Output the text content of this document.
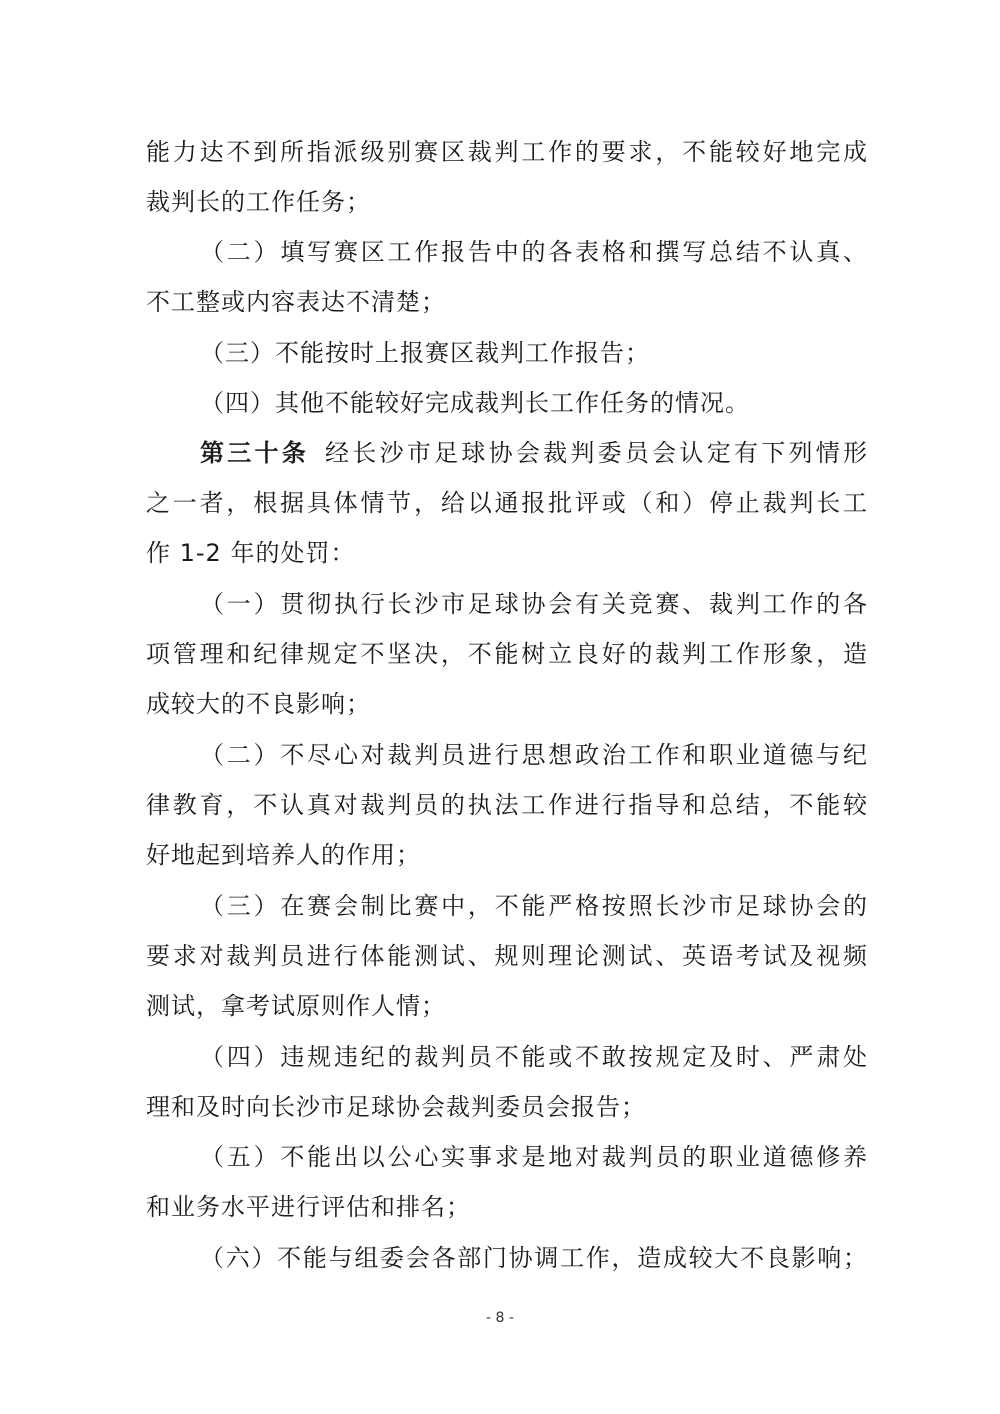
能力达不到所指派级别赛区裁判工作的要求，不能较好地完成
裁判长的工作任务；
（二）填写赛区工作报告中的各表格和撰写总结不认真、
不工整或内容表达不清楚；
（三）不能按时上报赛区裁判工作报告；
（四）其他不能较好完成裁判长工作任务的情况。
第三十条 经长沙市足球协会裁判委员会认定有下列情形
之一者，根据具体情节，给以通报批评或（和）停止裁判长工
作 1-2 年的处罚：
（一）贯彻执行长沙市足球协会有关竞赛、裁判工作的各
项管理和纪律规定不坚决，不能树立良好的裁判工作形象，造
成较大的不良影响；
（二）不尽心对裁判员进行思想政治工作和职业道德与纪
律教育，不认真对裁判员的执法工作进行指导和总结，不能较
好地起到培养人的作用；
（三）在赛会制比赛中，不能严格按照长沙市足球协会的
要求对裁判员进行体能测试、规则理论测试、英语考试及视频
测试，拿考试原则作人情；
（四）违规违纪的裁判员不能或不敢按规定及时、严肃处
理和及时向长沙市足球协会裁判委员会报告；
（五）不能出以公心实事求是地对裁判员的职业道德修养
和业务水平进行评估和排名；
（六）不能与组委会各部门协调工作，造成较大不良影响；
- 8 -
